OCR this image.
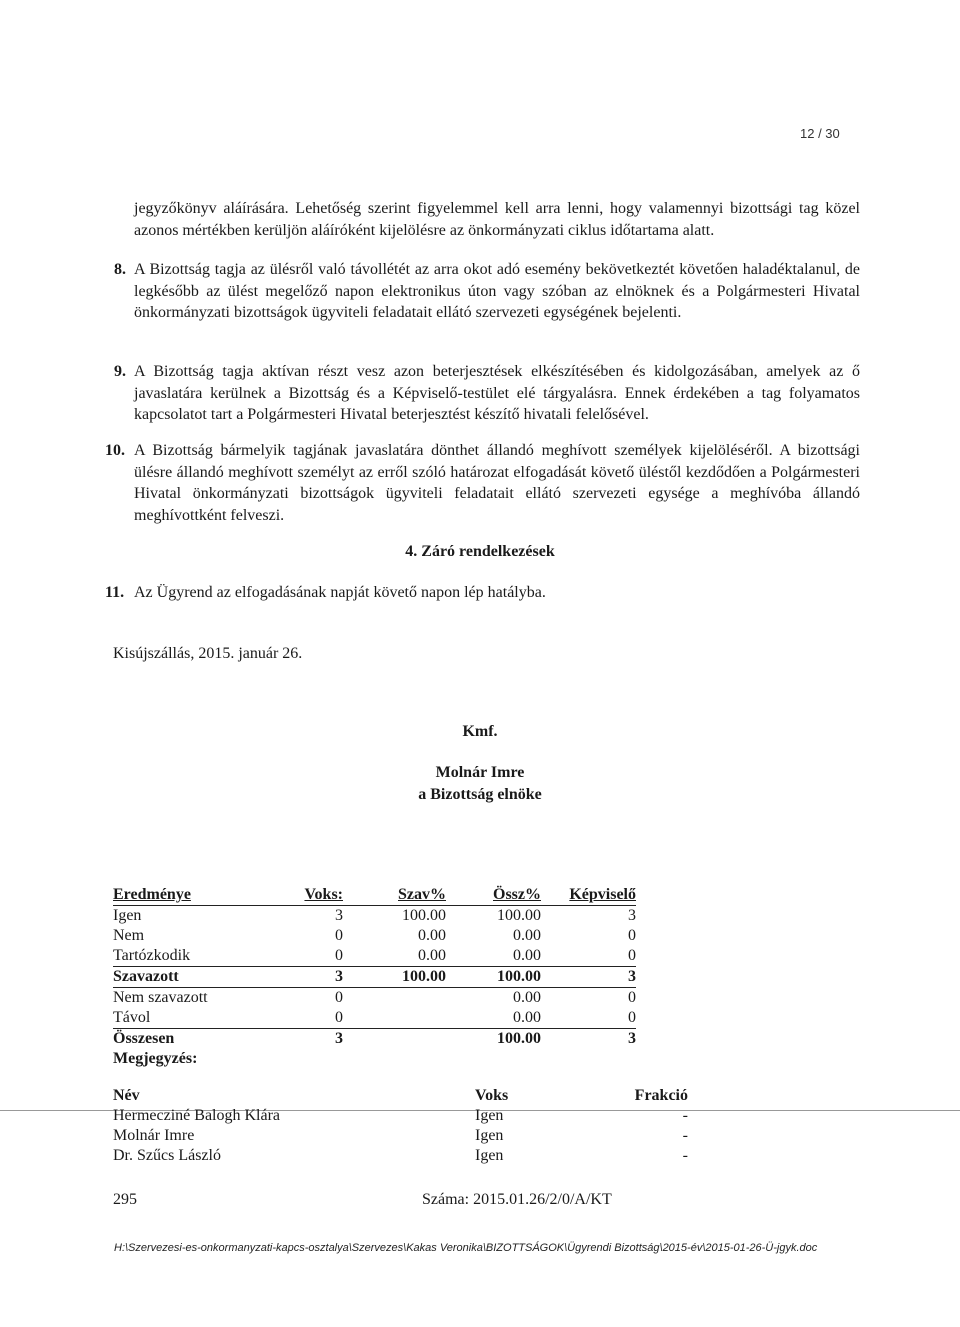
12 / 30
jegyzőkönyv aláírására. Lehetőség szerint figyelemmel kell arra lenni, hogy valamennyi bizottsági tag közel azonos mértékben kerüljön aláíróként kijelölésre az önkormányzati ciklus időtartama alatt.
8. A Bizottság tagja az ülésről való távollétét az arra okot adó esemény bekövetkeztét követően haladéktalanul, de legkésőbb az ülést megelőző napon elektronikus úton vagy szóban az elnöknek és a Polgármesteri Hivatal önkormányzati bizottságok ügyviteli feladatait ellátó szervezeti egységének bejelenti.
9. A Bizottság tagja aktívan részt vesz azon beterjesztések elkészítésében és kidolgozásában, amelyek az ő javaslatára kerülnek a Bizottság és a Képviselő-testület elé tárgyalásra. Ennek érdekében a tag folyamatos kapcsolatot tart a Polgármesteri Hivatal beterjesztést készítő hivatali felelősével.
10. A Bizottság bármelyik tagjának javaslatára dönthet állandó meghívott személyek kijelöléséről. A bizottsági ülésre állandó meghívott személyt az erről szóló határozat elfogadását követő üléstől kezdődően a Polgármesteri Hivatal önkormányzati bizottságok ügyviteli feladatait ellátó szervezeti egysége a meghívóba állandó meghívottként felveszi.
4. Záró rendelkezések
11. Az Ügyrend az elfogadásának napját követő napon lép hatályba.
Kisújszállás, 2015. január 26.
Kmf.
Molnár Imre
a Bizottság elnöke
Eredménye	Voks:	Szav%	Össz%	Képviselő
Igen	3	100.00	100.00	3
Nem	0	0.00	0.00	0
Tartózkodik	0	0.00	0.00	0
Szavazott	3	100.00	100.00	3
Nem szavazott	0		0.00	0
Távol	0		0.00	0
Összesen	3		100.00	3
Megjegyzés:				
Név	Voks	Frakció
Hermecziné Balogh Klára	Igen	-
Molnár Imre	Igen	-
Dr. Szűcs László	Igen	-
295	Száma: 2015.01.26/2/0/A/KT
H:\Szervezesi-es-onkormanyzati-kapcs-osztalya\Szervezes\Kakas Veronika\BIZOTTSÁGOK\Ügyrendi Bizottság\2015-év\2015-01-26-Ü-jgyk.doc
